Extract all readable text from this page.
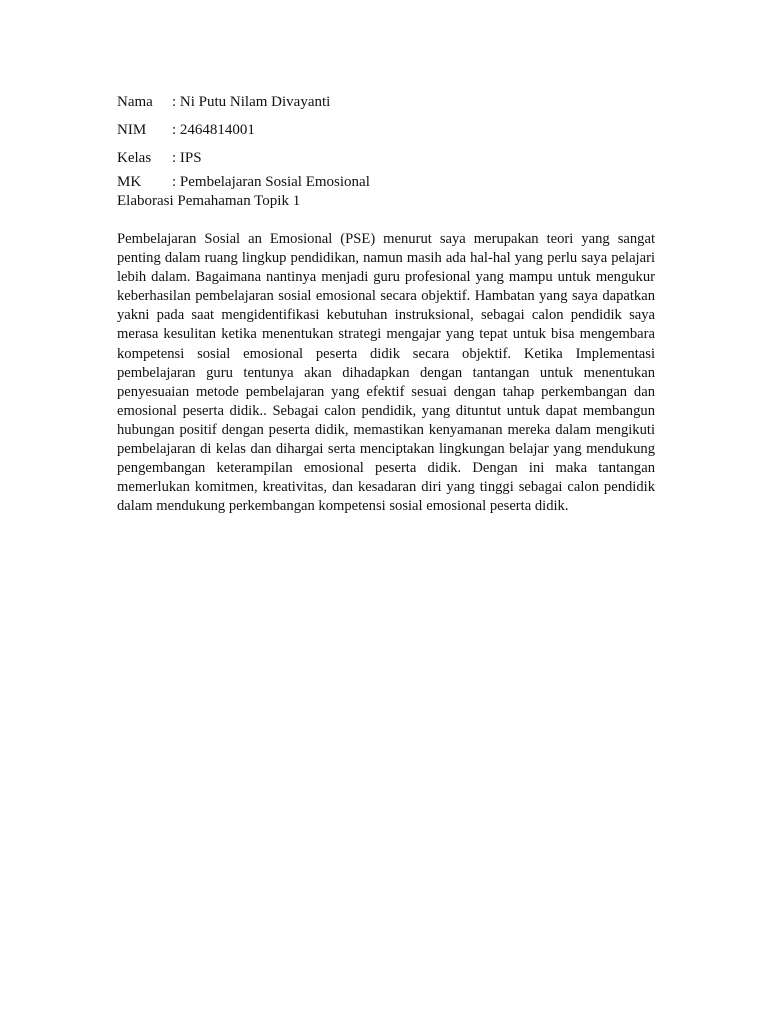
Nama	: Ni Putu Nilam Divayanti
NIM	: 2464814001
Kelas	: IPS
MK	: Pembelajaran Sosial Emosional
Elaborasi Pemahaman Topik 1

Pembelajaran Sosial an Emosional (PSE) menurut saya merupakan teori yang sangat penting dalam ruang lingkup pendidikan, namun masih ada hal-hal yang perlu saya pelajari lebih dalam. Bagaimana nantinya menjadi guru profesional yang mampu untuk mengukur keberhasilan pembelajaran sosial emosional secara objektif. Hambatan yang saya dapatkan yakni pada saat mengidentifikasi kebutuhan instruksional, sebagai calon pendidik saya merasa kesulitan ketika menentukan strategi mengajar yang tepat untuk bisa mengembara kompetensi sosial emosional peserta didik secara objektif. Ketika Implementasi pembelajaran guru tentunya akan dihadapkan dengan tantangan untuk menentukan penyesuaian metode pembelajaran yang efektif sesuai dengan tahap perkembangan dan emosional peserta didik.. Sebagai calon pendidik, yang dituntut untuk dapat membangun hubungan positif dengan peserta didik, memastikan kenyamanan mereka dalam mengikuti pembelajaran di kelas dan dihargai serta menciptakan lingkungan belajar yang mendukung pengembangan keterampilan emosional peserta didik. Dengan ini maka tantangan memerlukan komitmen, kreativitas, dan kesadaran diri yang tinggi sebagai calon pendidik dalam mendukung perkembangan kompetensi sosial emosional peserta didik.
